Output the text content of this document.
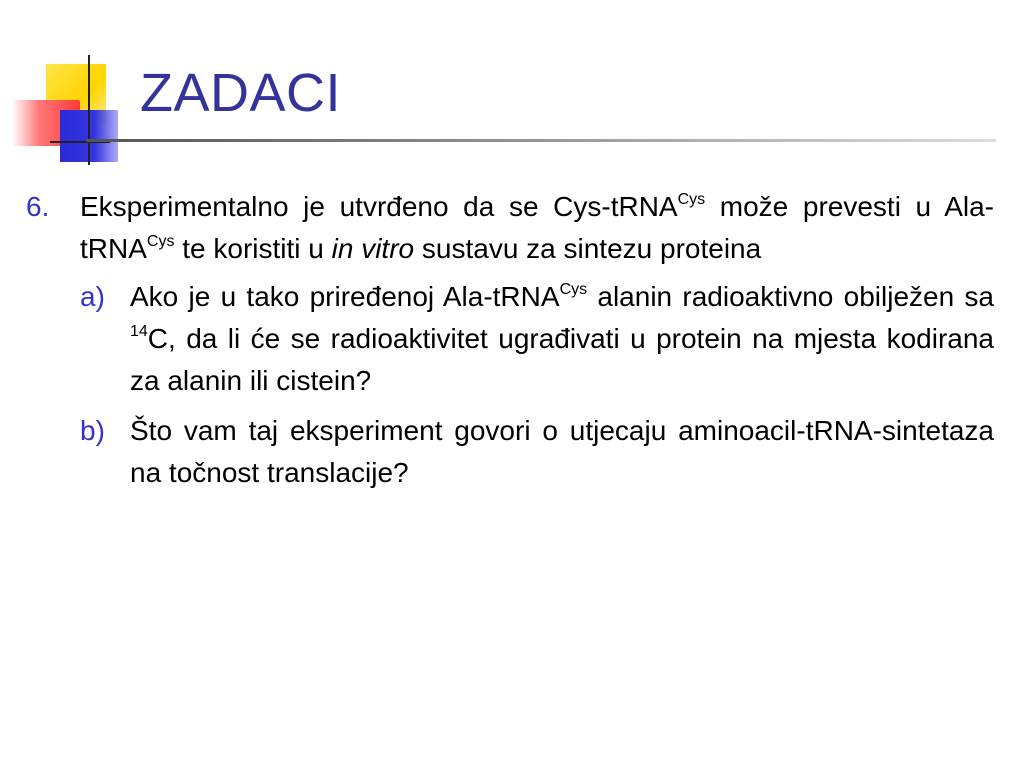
ZADACI
6.	Eksperimentalno je utvrđeno da se Cys-tRNA$^{Cys}$ može prevesti u Ala-tRNA$^{Cys}$ te koristiti u in vitro sustavu za sintezu proteina
a) Ako je u tako priređenoj Ala-tRNA$^{Cys}$ alanin radioaktivno obilježen sa $^{14}$C, da li će se radioaktivitet ugrađivati u protein na mjesta kodirana za alanin ili cistein?
b) Što vam taj eksperiment govori o utjecaju aminoacil-tRNA-sintetaza na točnost translacije?
